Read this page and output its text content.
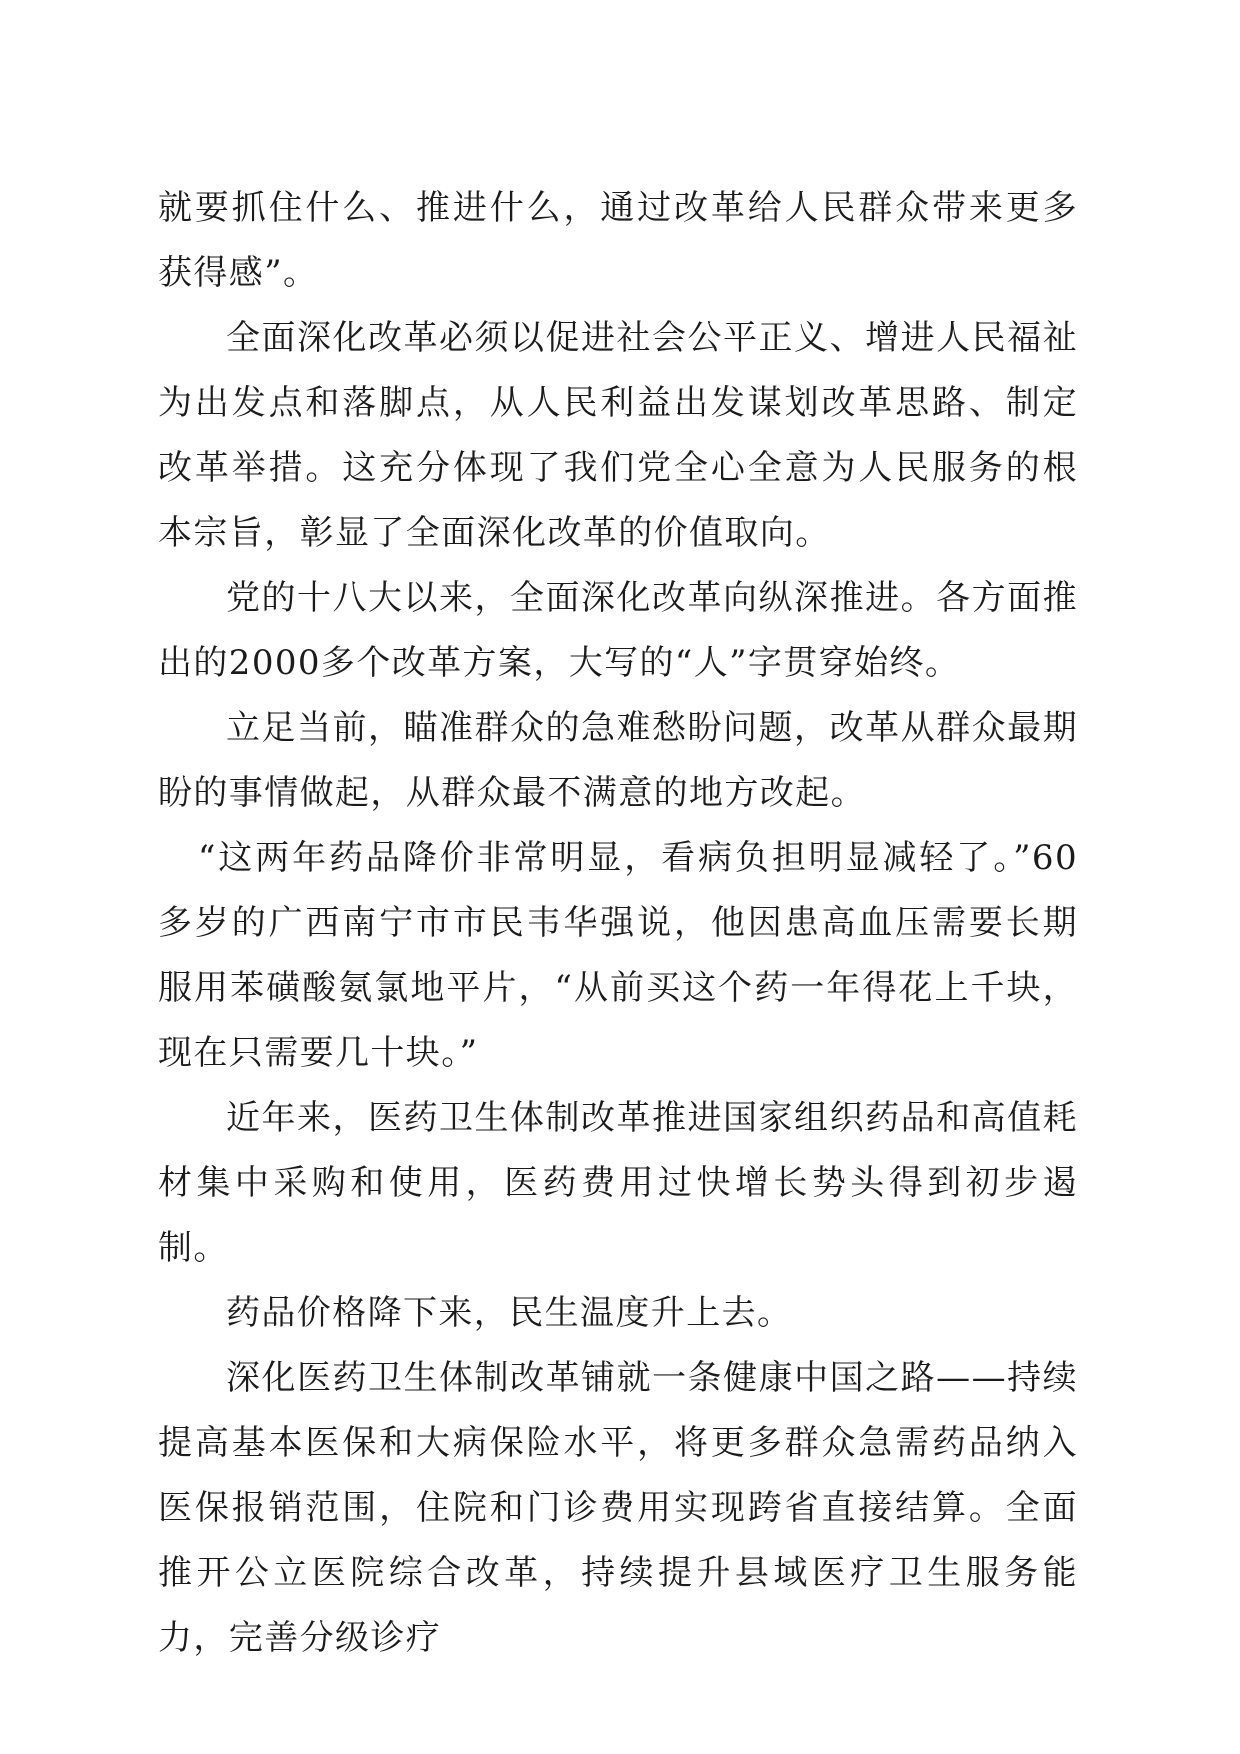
就要抓住什么、推进什么，通过改革给人民群众带来更多获得感”。

全面深化改革必须以促进社会公平正义、增进人民福祉为出发点和落脚点，从人民利益出发谋划改革思路、制定改革举措。这充分体现了我们党全心全意为人民服务的根本宗旨，彰显了全面深化改革的价值取向。

党的十八大以来，全面深化改革向纵深推进。各方面推出的2000多个改革方案，大写的“人”字贯穿始终。

立足当前，瞄准群众的急难愁盼问题，改革从群众最期盼的事情做起，从群众最不满意的地方改起。

“这两年药品降价非常明显，看病负担明显减轻了。”60多岁的广西南宁市市民韦华强说，他因患高血压需要长期服用苯磺酸氨氯地平片，“从前买这个药一年得花上千块，现在只需要几十块。”

近年来，医药卫生体制改革推进国家组织药品和高值耗材集中采购和使用，医药费用过快增长势头得到初步遏制。

药品价格降下来，民生温度升上去。

深化医药卫生体制改革铺就一条健康中国之路——持续提高基本医保和大病保险水平，将更多群众急需药品纳入医保报销范围，住院和门诊费用实现跨省直接结算。全面推开公立医院综合改革，持续提升县域医疗卫生服务能力，完善分级诊疗
